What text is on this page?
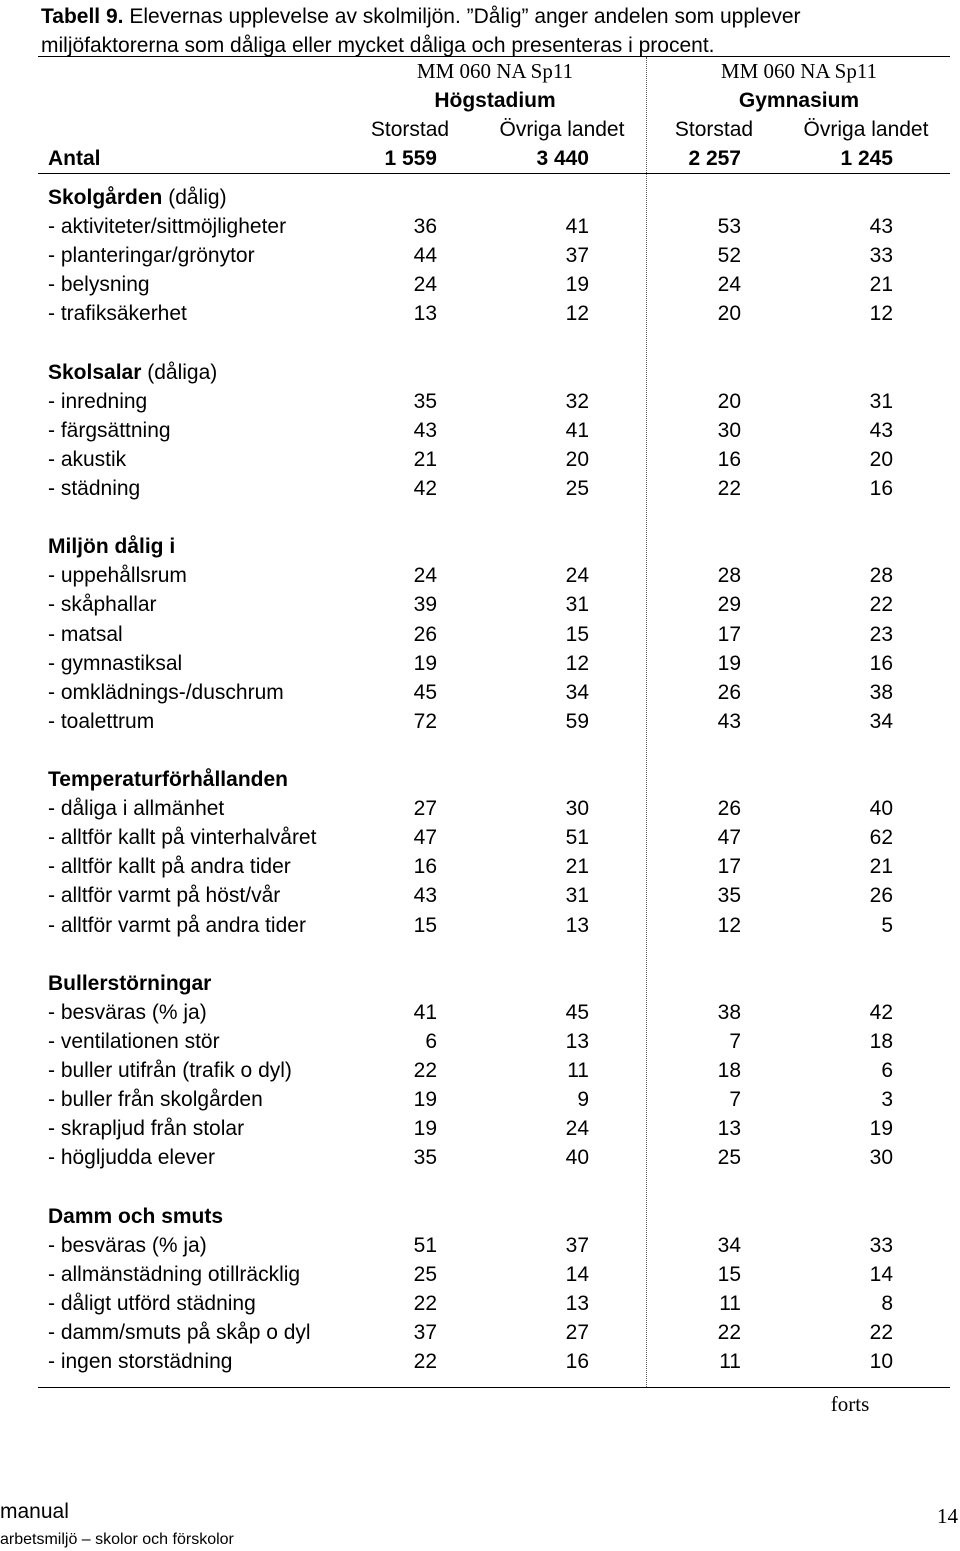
Tabell 9. Elevernas upplevelse av skolmiljön. ”Dålig” anger andelen som upplever miljöfaktorerna som dåliga eller mycket dåliga och presenteras i procent.
MM 060 NA Sp11
Högstadium
MM 060 NA Sp11
Gymnasium
Storstad Övriga landet Storstad Övriga landet
Antal	1 559	3 440	2 257	1 245
Skolgården (dålig)
- aktiviteter/sittmöjligheter	36	41	53	43
- planteringar/grönytor	44	37	52	33
- belysning	24	19	24	21
- trafiksäkerhet	13	12	20	12
Skolsalar (dåliga)
- inredning	35	32	20	31
- färgsättning	43	41	30	43
- akustik	21	20	16	20
- städning	42	25	22	16
Miljön dålig i
- uppehållsrum	24	24	28	28
- skåphallar	39	31	29	22
- matsal	26	15	17	23
- gymnastiksal	19	12	19	16
- omklädnings-/duschrum	45	34	26	38
- toalettrum	72	59	43	34
Temperaturförhållanden
- dåliga i allmänhet	27	30	26	40
- alltför kallt på vinterhalvåret	47	51	47	62
- alltför kallt på andra tider	16	21	17	21
- alltför varmt på höst/vår	43	31	35	26
- alltför varmt på andra tider	15	13	12	5
Bullerstörningar
- besväras (% ja)	41	45	38	42
- ventilationen stör	6	13	7	18
- buller utifrån (trafik o dyl)	22	11	18	6
- buller från skolgården	19	9	7	3
- skrapljud från stolar	19	24	13	19
- högljudda elever	35	40	25	30
Damm och smuts
- besväras (% ja)	51	37	34	33
- allmänstädning otillräcklig	25	14	15	14
- dåligt utförd städning	22	13	11	8
- damm/smuts på skåp o dyl	37	27	22	22
- ingen storstädning	22	16	11	10
forts
manual
arbetsmiljö – skolor och förskolor
14
